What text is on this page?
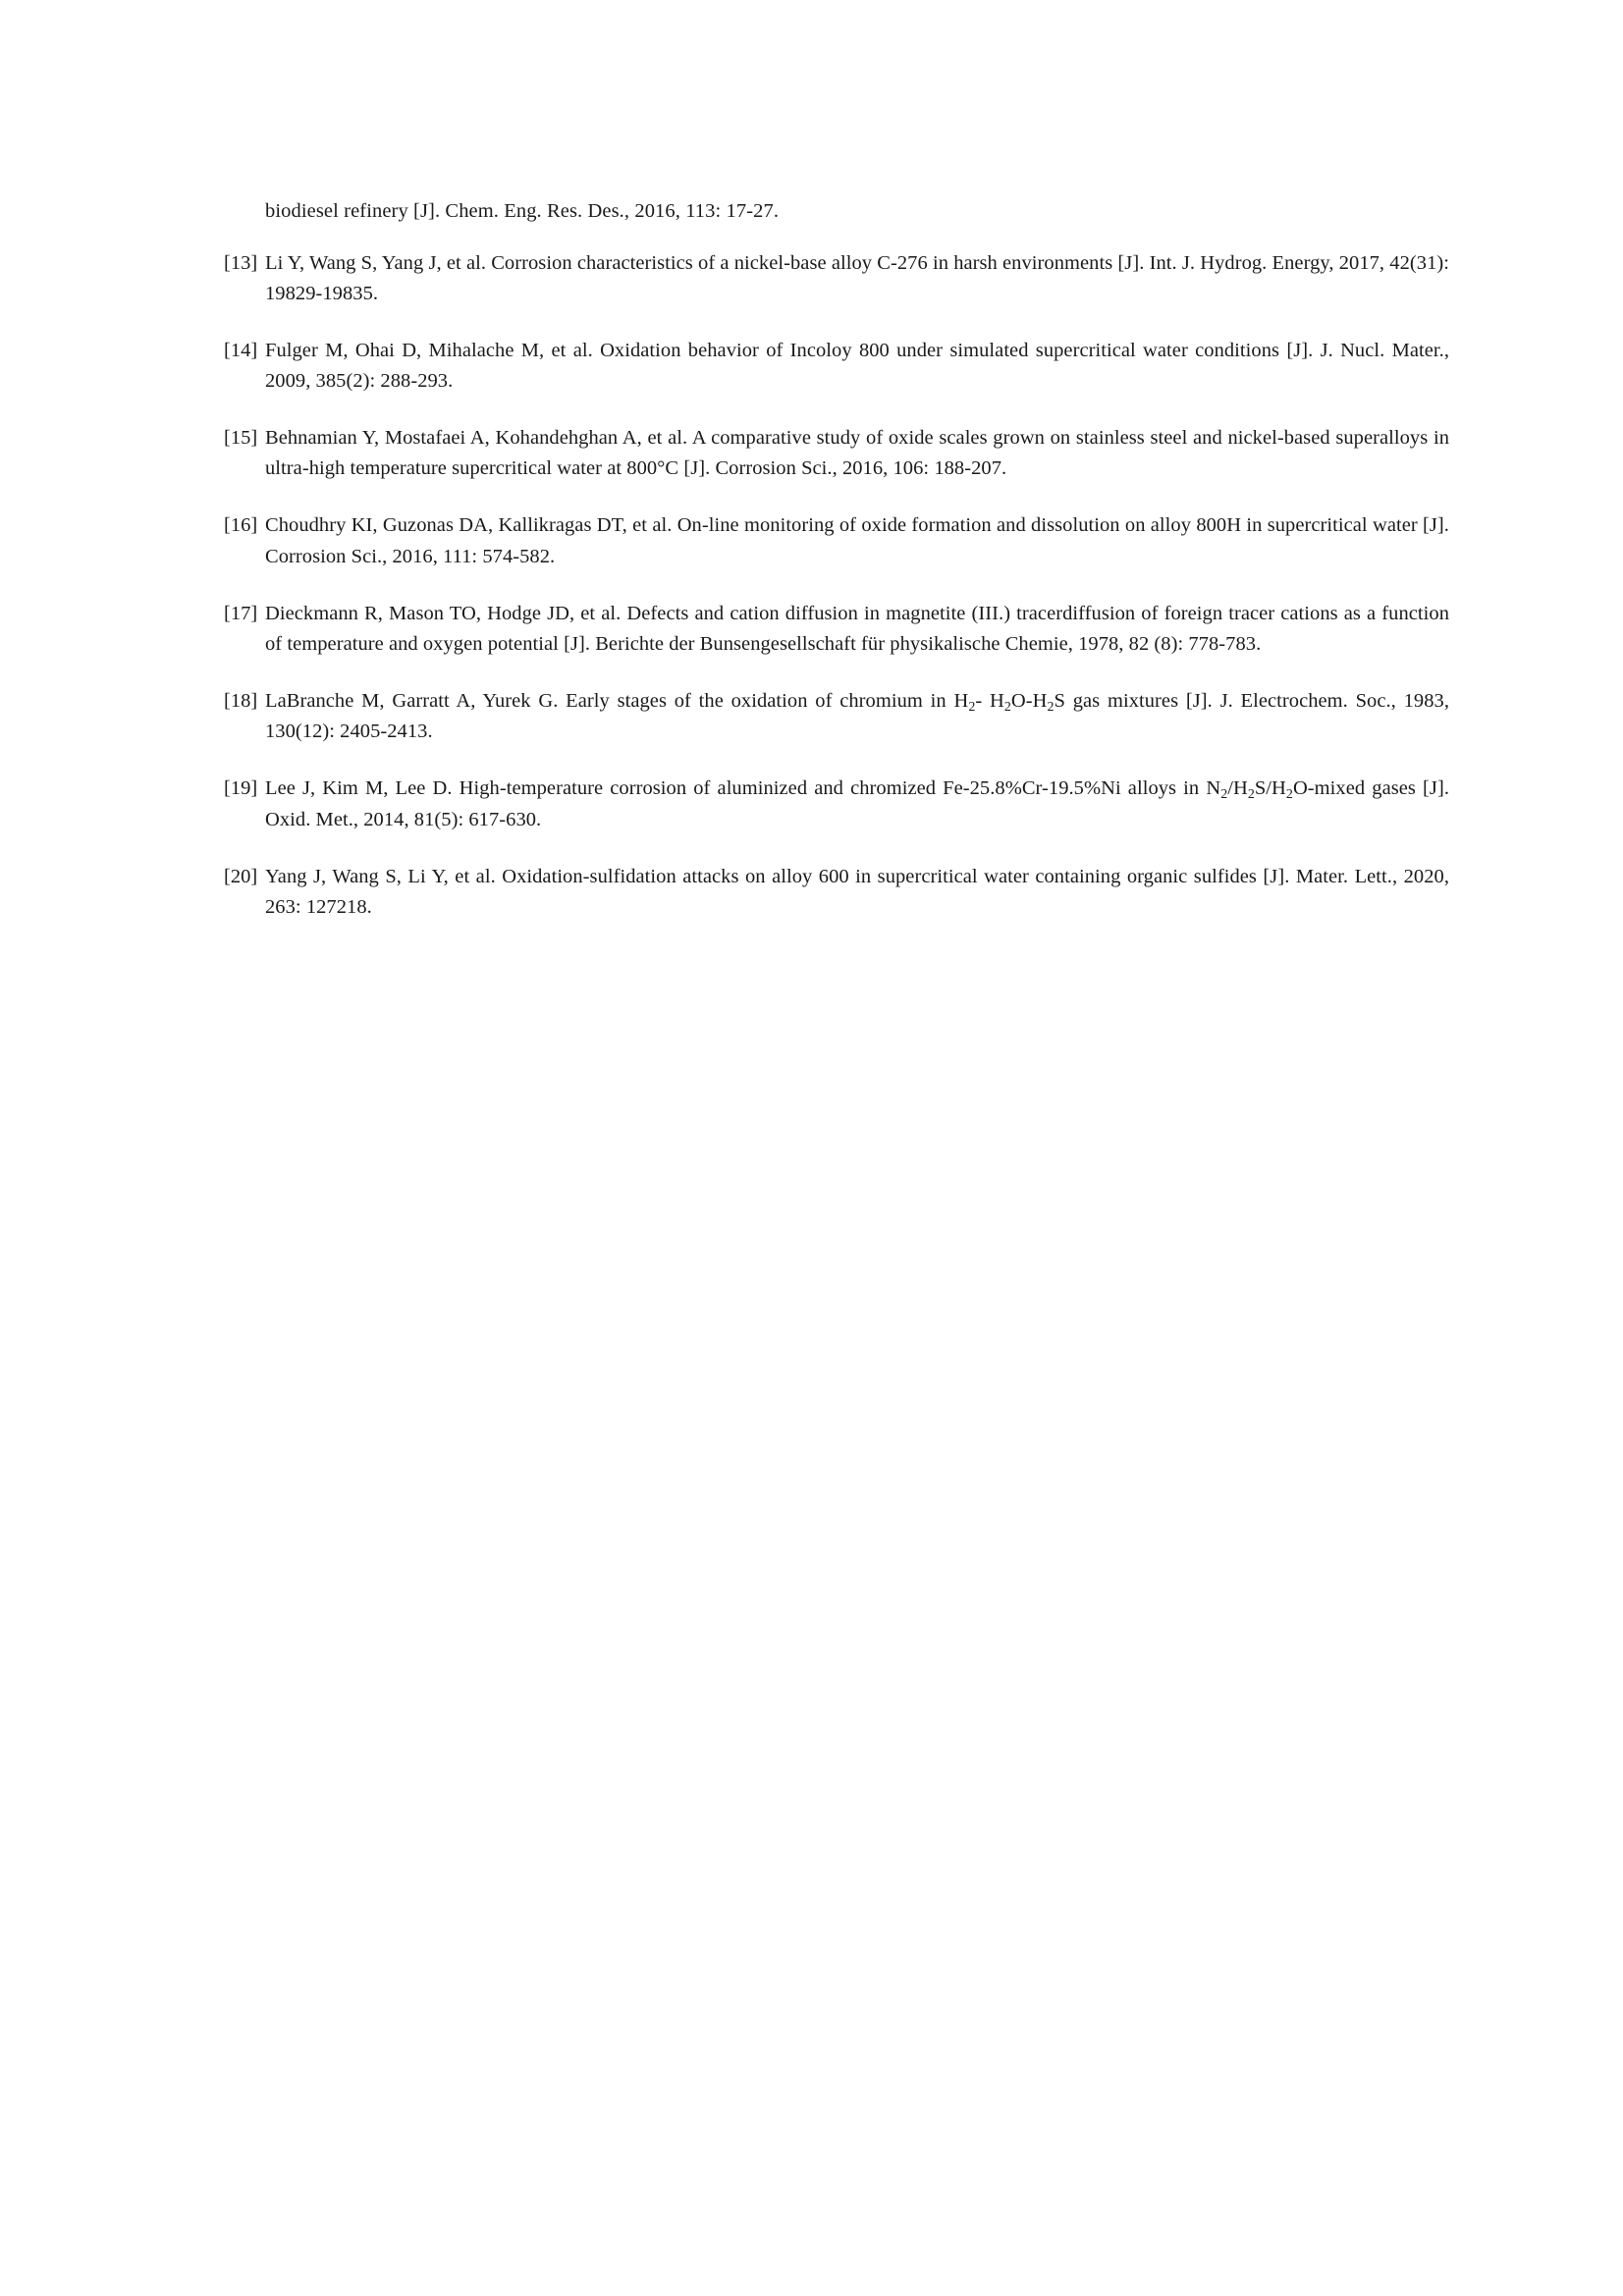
biodiesel refinery [J]. Chem. Eng. Res. Des., 2016, 113: 17-27.
[13] Li Y, Wang S, Yang J, et al. Corrosion characteristics of a nickel-base alloy C-276 in harsh environments [J]. Int. J. Hydrog. Energy, 2017, 42(31): 19829-19835.
[14] Fulger M, Ohai D, Mihalache M, et al. Oxidation behavior of Incoloy 800 under simulated supercritical water conditions [J]. J. Nucl. Mater., 2009, 385(2): 288-293.
[15] Behnamian Y, Mostafaei A, Kohandehghan A, et al. A comparative study of oxide scales grown on stainless steel and nickel-based superalloys in ultra-high temperature supercritical water at 800°C [J]. Corrosion Sci., 2016, 106: 188-207.
[16] Choudhry KI, Guzonas DA, Kallikragas DT, et al. On-line monitoring of oxide formation and dissolution on alloy 800H in supercritical water [J]. Corrosion Sci., 2016, 111: 574-582.
[17] Dieckmann R, Mason TO, Hodge JD, et al. Defects and cation diffusion in magnetite (III.) tracerdiffusion of foreign tracer cations as a function of temperature and oxygen potential [J]. Berichte der Bunsengesellschaft für physikalische Chemie, 1978, 82 (8): 778-783.
[18] LaBranche M, Garratt A, Yurek G. Early stages of the oxidation of chromium in $H_2-$ $H_2O-H_2S$ gas mixtures [J]. J. Electrochem. Soc., 1983, 130(12): 2405-2413.
[19] Lee J, Kim M, Lee D. High-temperature corrosion of aluminized and chromized Fe-25.8%Cr-19.5%Ni alloys in $N_2/H_2S/H_2O$-mixed gases [J]. Oxid. Met., 2014, 81(5): 617-630.
[20] Yang J, Wang S, Li Y, et al. Oxidation-sulfidation attacks on alloy 600 in supercritical water containing organic sulfides [J]. Mater. Lett., 2020, 263: 127218.
